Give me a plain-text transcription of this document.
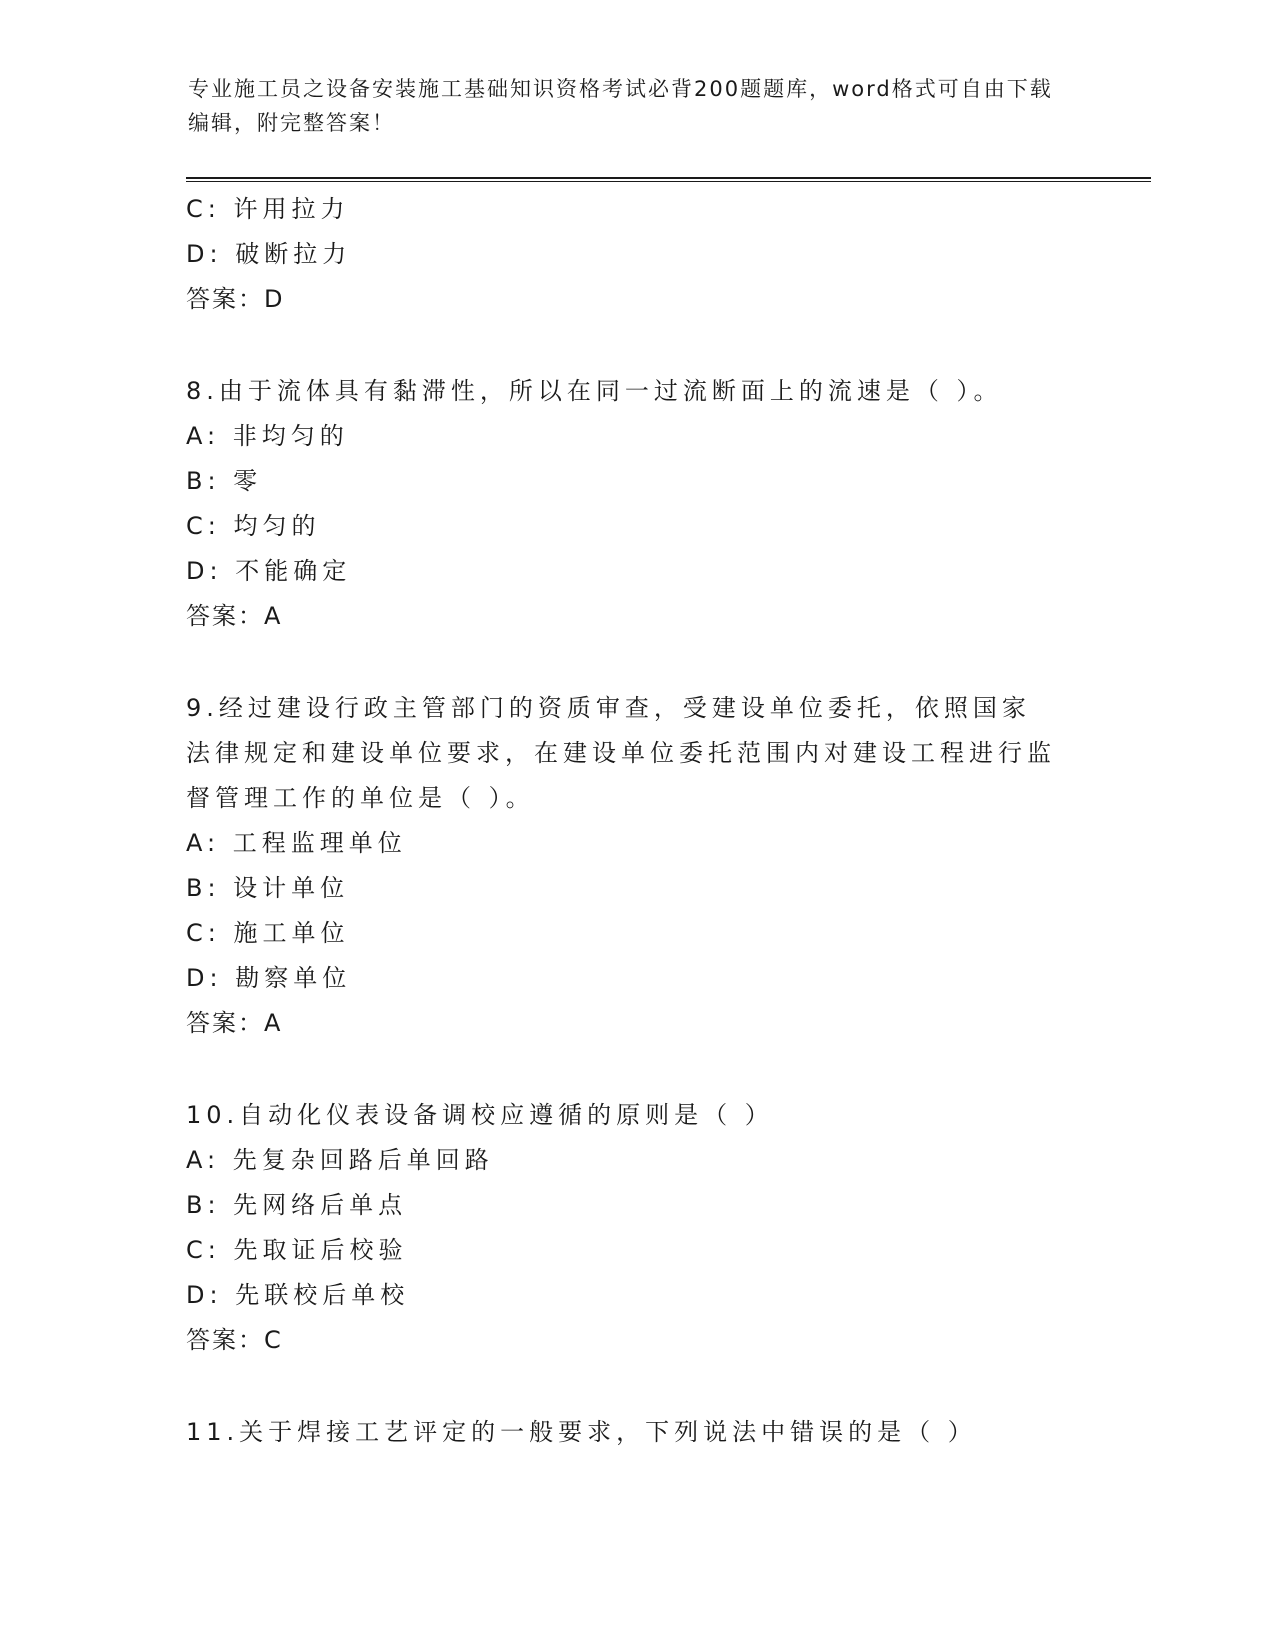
专业施工员之设备安装施工基础知识资格考试必背200题题库，word格式可自由下载编辑，附完整答案！
C: 许用拉力
D: 破断拉力
答案：D
8.由于流体具有黏滞性，所以在同一过流断面上的流速是（ ）。
A: 非均匀的
B: 零
C: 均匀的
D: 不能确定
答案：A
9.经过建设行政主管部门的资质审查，受建设单位委托，依照国家法律规定和建设单位要求，在建设单位委托范围内对建设工程进行监督管理工作的单位是（ ）。
A: 工程监理单位
B: 设计单位
C: 施工单位
D: 勘察单位
答案：A
10.自动化仪表设备调校应遵循的原则是（ ）
A: 先复杂回路后单回路
B: 先网络后单点
C: 先取证后校验
D: 先联校后单校
答案：C
11.关于焊接工艺评定的一般要求，下列说法中错误的是（ ）
